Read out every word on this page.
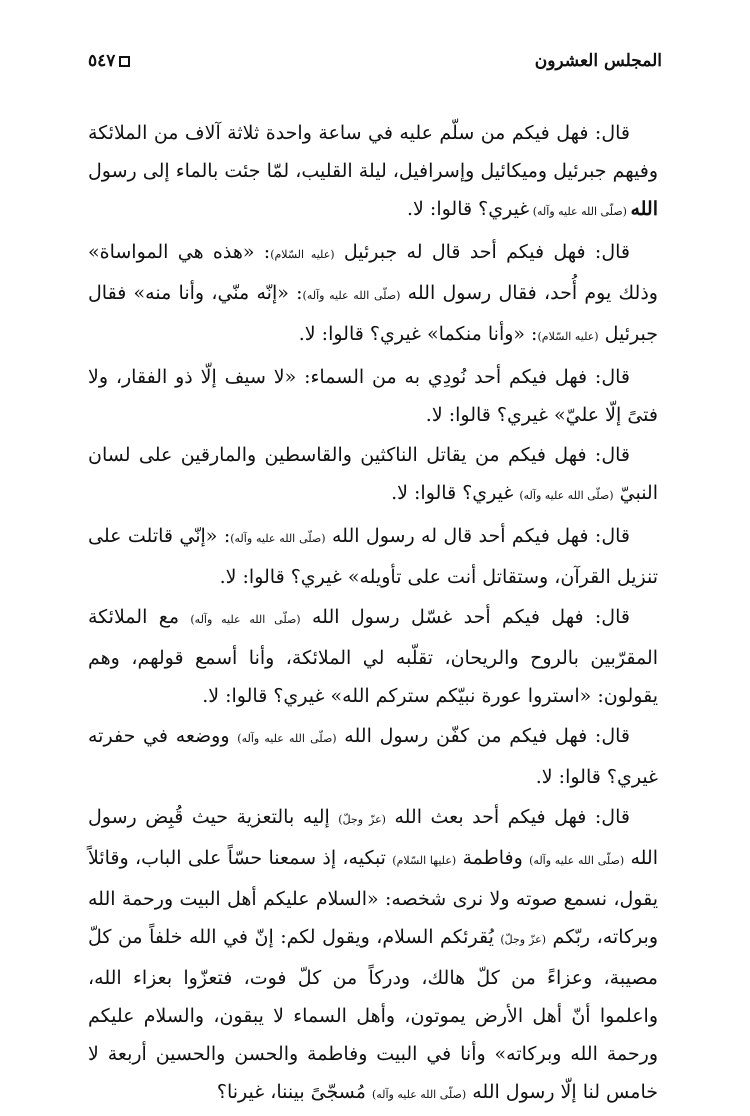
المجلس العشرون
٥٤٧

قال: فهل فيكم من سلّم عليه في ساعة واحدة ثلاثة آلاف من الملائكة وفيهم جبرئيل وميكائيل وإسرافيل، ليلة القليب، لمّا جئت بالماء إلى رسول الله (صلّى الله عليه وآله) غيري؟ قالوا: لا.

قال: فهل فيكم أحد قال له جبرئيل (عليه السّلام): «هذه هي المواساة» وذلك يوم أُحد، فقال رسول الله (صلّى الله عليه وآله): «إنّه منّي، وأنا منه» فقال جبرئيل (عليه السّلام): «وأنا منكما» غيري؟ قالوا: لا.

قال: فهل فيكم أحد نُودِي به من السماء: «لا سيف إلّا ذو الفقار، ولا فتىً إلّا عليّ» غيري؟ قالوا: لا.

قال: فهل فيكم من يقاتل الناكثين والقاسطين والمارقين على لسان النبيّ (صلّى الله عليه وآله) غيري؟ قالوا: لا.

قال: فهل فيكم أحد قال له رسول الله (صلّى الله عليه وآله): «إنّي قاتلت على تنزيل القرآن، وستقاتل أنت على تأويله» غيري؟ قالوا: لا.

قال: فهل فيكم أحد غسّل رسول الله (صلّى الله عليه وآله) مع الملائكة المقرّبين بالروح والريحان، تقلّبه لي الملائكة، وأنا أسمع قولهم، وهم يقولون: «استروا عورة نبيّكم ستركم الله» غيري؟ قالوا: لا.

قال: فهل فيكم من كفّن رسول الله (صلّى الله عليه وآله) ووضعه في حفرته غيري؟ قالوا: لا.

قال: فهل فيكم أحد بعث الله (عزّ وجلّ) إليه بالتعزية حيث قُبِض رسول الله (صلّى الله عليه وآله) وفاطمة (عليها السّلام) تبكيه، إذ سمعنا حسّاً على الباب، وقائلاً يقول، نسمع صوته ولا نرى شخصه: «السلام عليكم أهل البيت ورحمة الله وبركاته، ربّكم (عزّ وجلّ) يُقرئكم السلام، ويقول لكم: إنّ في الله خلفاً من كلّ مصيبة، وعزاءً من كلّ هالك، ودركاً من كلّ فوت، فتعزّوا بعزاء الله، واعلموا أنّ أهل الأرض يموتون، وأهل السماء لا يبقون، والسلام عليكم ورحمة الله وبركاته» وأنا في البيت وفاطمة والحسن والحسين أربعة لا خامس لنا إلّا رسول الله (صلّى الله عليه وآله) مُسجّىً بيننا، غيرنا؟
